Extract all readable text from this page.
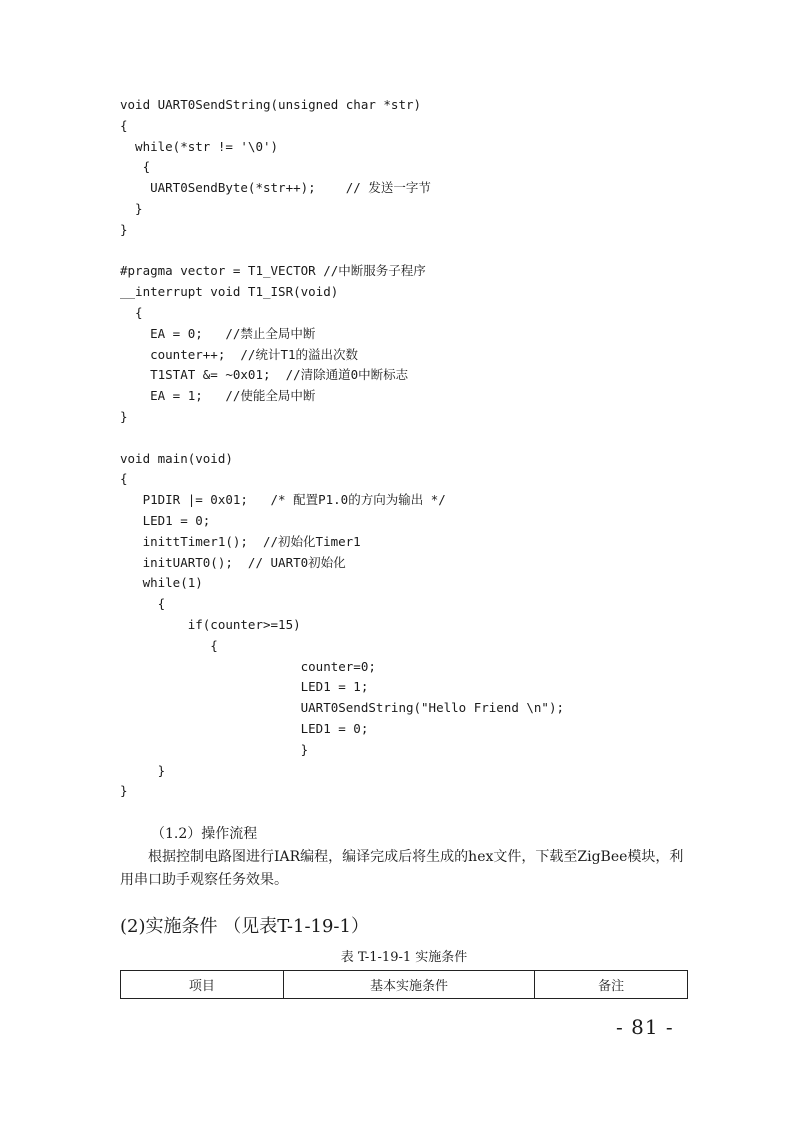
void UART0SendString(unsigned char *str)
{
while(*str != '\0')
{
UART0SendByte(*str++);    // 发送一字节
}
}
#pragma vector = T1_VECTOR //中断服务子程序
__interrupt void T1_ISR(void)
{
EA = 0;   //禁止全局中断
counter++;  //统计T1的溢出次数
T1STAT &= ~0x01;  //清除通道0中断标志
EA = 1;   //使能全局中断
}
void main(void)
{
P1DIR |= 0x01;   /* 配置P1.0的方向为输出 */
LED1 = 0;
inittTimer1();  //初始化Timer1
initUART0();  // UART0初始化
while(1)
{
if(counter>=15)
{
counter=0;
LED1 = 1;
UART0SendString("Hello Friend \n");
LED1 = 0;
}
}
}
（1.2）操作流程
根据控制电路图进行IAR编程，编译完成后将生成的hex文件，下载至ZigBee模块，利用串口助手观察任务效果。
(2)实施条件 （见表T-1-19-1）
表 T-1-19-1 实施条件
项目	基本实施条件	备注
- 81 -
